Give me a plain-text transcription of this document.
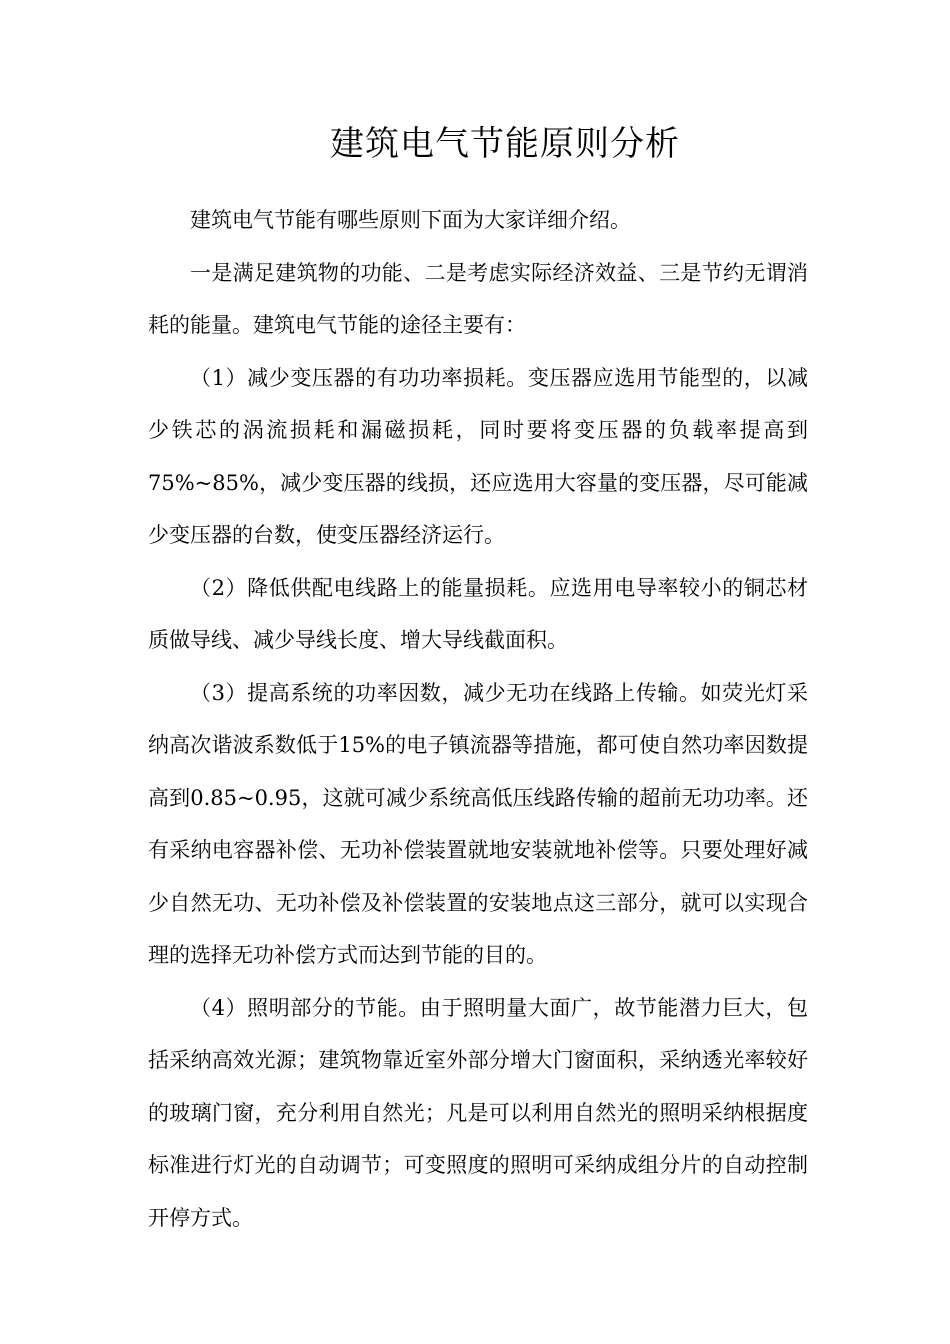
建筑电气节能原则分析

建筑电气节能有哪些原则下面为大家详细介绍。

一是满足建筑物的功能、二是考虑实际经济效益、三是节约无谓消耗的能量。建筑电气节能的途径主要有：

（1）减少变压器的有功功率损耗。变压器应选用节能型的，以减少铁芯的涡流损耗和漏磁损耗，同时要将变压器的负载率提高到75%~85%，减少变压器的线损，还应选用大容量的变压器，尽可能减少变压器的台数，使变压器经济运行。

（2）降低供配电线路上的能量损耗。应选用电导率较小的铜芯材质做导线、减少导线长度、增大导线截面积。

（3）提高系统的功率因数，减少无功在线路上传输。如荧光灯采纳高次谐波系数低于15%的电子镇流器等措施，都可使自然功率因数提高到0.85~0.95，这就可减少系统高低压线路传输的超前无功功率。还有采纳电容器补偿、无功补偿装置就地安装就地补偿等。只要处理好减少自然无功、无功补偿及补偿装置的安装地点这三部分，就可以实现合理的选择无功补偿方式而达到节能的目的。

（4）照明部分的节能。由于照明量大面广，故节能潜力巨大，包括采纳高效光源；建筑物靠近室外部分增大门窗面积，采纳透光率较好的玻璃门窗，充分利用自然光；凡是可以利用自然光的照明采纳根据度标准进行灯光的自动调节；可变照度的照明可采纳成组分片的自动控制开停方式。
